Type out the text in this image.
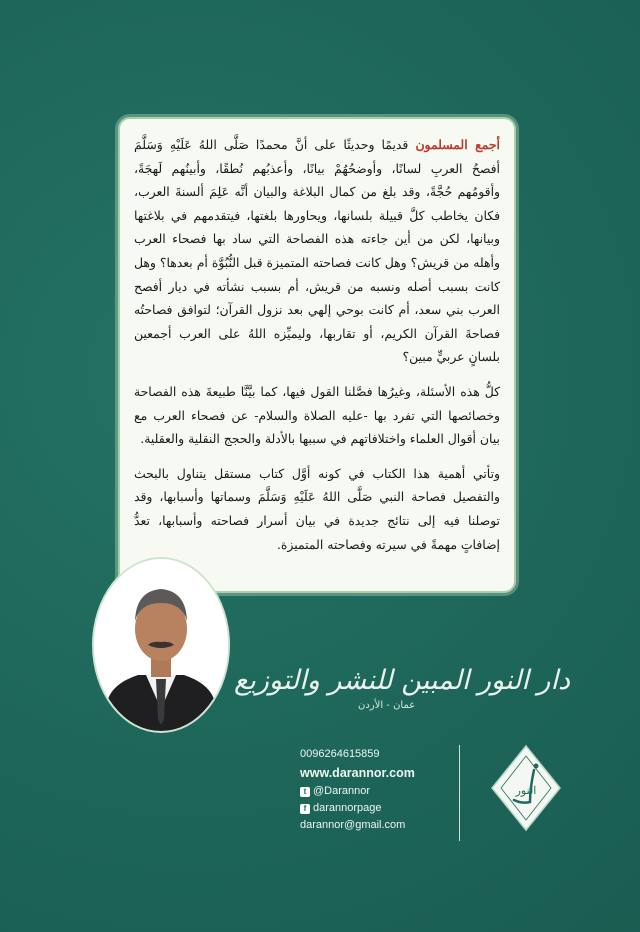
أجمع المسلمون قديمًا وحديثًا على أنَّ محمدًا صَلَّى اللهُ عَلَيْهِ وَسَلَّمَ أفصحُ العربِ لسانًا، وأوضحُهُمْ بيانًا، وأعذبُهم نُطقًا، وأبينُهم لَهجَةً، وأقومُهم حُجَّةً، وقد بلغ من كمال البلاغة والبيان أنَّه عَلِمَ ألسنةَ العرب، فكان يخاطب كلَّ قبيلة بلسانها، ويحاورها بلغتها، فيتقدمهم في بلاغتها وبيانها، لكن من أين جاءته هذه الفصاحة التي ساد بها فصحاء العرب وأهله من قريش؟ وهل كانت فصاحته المتميزة قبل النُّبُوَّة أم بعدها؟ وهل كانت بسبب أصله ونسبه من قريش، أم بسبب نشأته في ديار أفصح العرب بني سعد، أم كانت بوحي إلهي بعد نزول القرآن؛ لتوافق فصاحتُه فصاحةَ القرآن الكريم، أو تقاربها، وليميِّزه اللهُ على العرب أجمعين بلسانٍ عربيٍّ مبين؟

كلُّ هذه الأسئلة، وغيرُها فصَّلنا القول فيها، كما بيَّنَّا طبيعةَ هذه الفصاحة وخصائصها التي تفرد بها -عليه الصلاة والسلام- عن فصحاء العرب مع بيان أقوال العلماء واختلافاتهم في سببها بالأدلة والحجج النقلية والعقلية.

وتأتي أهمية هذا الكتاب في كونه أوَّل كتاب مستقل يتناول بالبحث والتفصيل فصاحة النبي صَلَّى اللهُ عَلَيْهِ وَسَلَّمَ وسماتها وأسبابها، وقد توصلنا فيه إلى نتائج جديدة في بيان أسرار فصاحته وأسبابها، تعدُّ إضافاتٍ مهمةً في سيرته وفصاحته المتميزة.

دار النور المبين للنشر والتوزيع
عمان - الأردن
0096264615859
www.darannor.com
t @Darannor
f darannorpage
darannor@gmail.com
النور
